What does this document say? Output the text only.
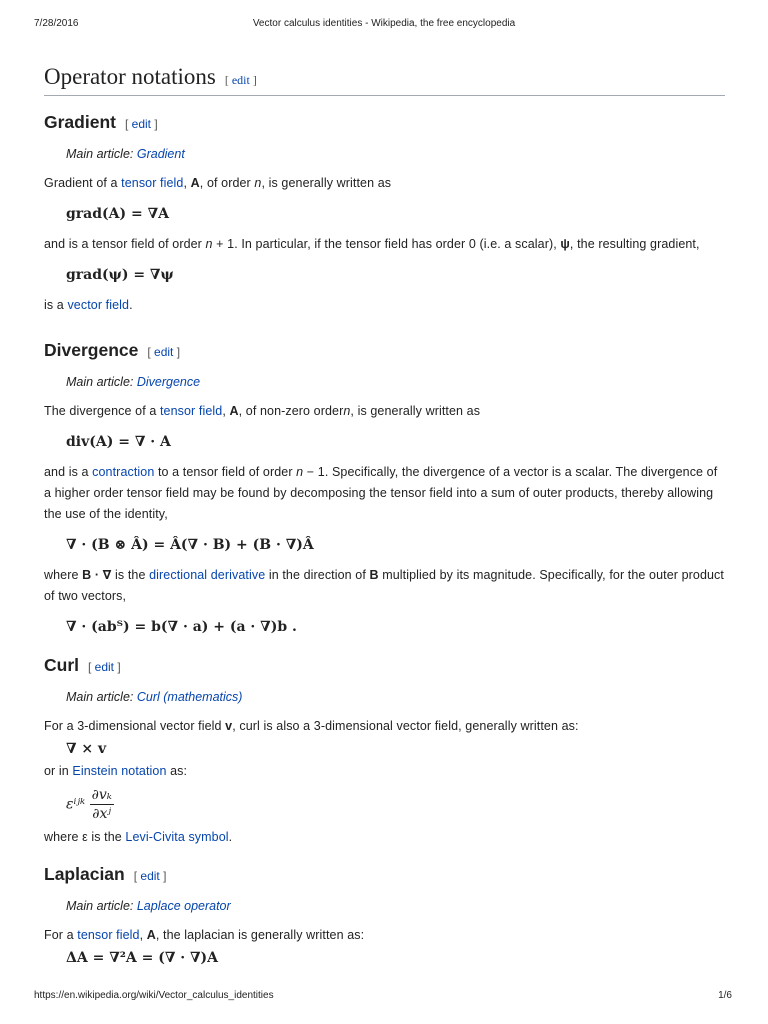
7/28/2016	Vector calculus identities - Wikipedia, the free encyclopedia
Operator notations [ edit ]
Gradient [ edit ]
Main article: Gradient

Gradient of a tensor field, A, of order n, is generally written as

grad(A) = ∇A

and is a tensor field of order n + 1. In particular, if the tensor field has order 0 (i.e. a scalar), ψ, the resulting gradient,

grad(ψ) = ∇ψ

is a vector field.

Divergence [ edit ]
Main article: Divergence

The divergence of a tensor field, A, of non-zero ordern, is generally written as

div(A) = ∇ · A

and is a contraction to a tensor field of order n − 1. Specifically, the divergence of a vector is a scalar. The divergence of a higher order tensor field may be found by decomposing the tensor field into a sum of outer products, thereby allowing the use of the identity,

∇ · (B ⊗ Â) = Â(∇ · B) + (B · ∇)Â

where B · ∇ is the directional derivative in the direction of B multiplied by its magnitude. Specifically, for the outer product of two vectors,

∇ · (abᵀ) = b(∇ · a) + (a · ∇)b .
Curl [ edit ]
Main article: Curl (mathematics)

For a 3-dimensional vector field v, curl is also a 3-dimensional vector field, generally written as:

∇ × v

or in Einstein notation as:

εⁱʲᵏ $\frac{\text{∂vₖ}}{\text{∂xʲ}}$

where ε is the Levi-Civita symbol.

Laplacian [ edit ]
Main article: Laplace operator

For a tensor field, A, the laplacian is generally written as:

ΔA = ∇²A = (∇ · ∇)A
https://en.wikipedia.org/wiki/Vector_calculus_identities	1/6
